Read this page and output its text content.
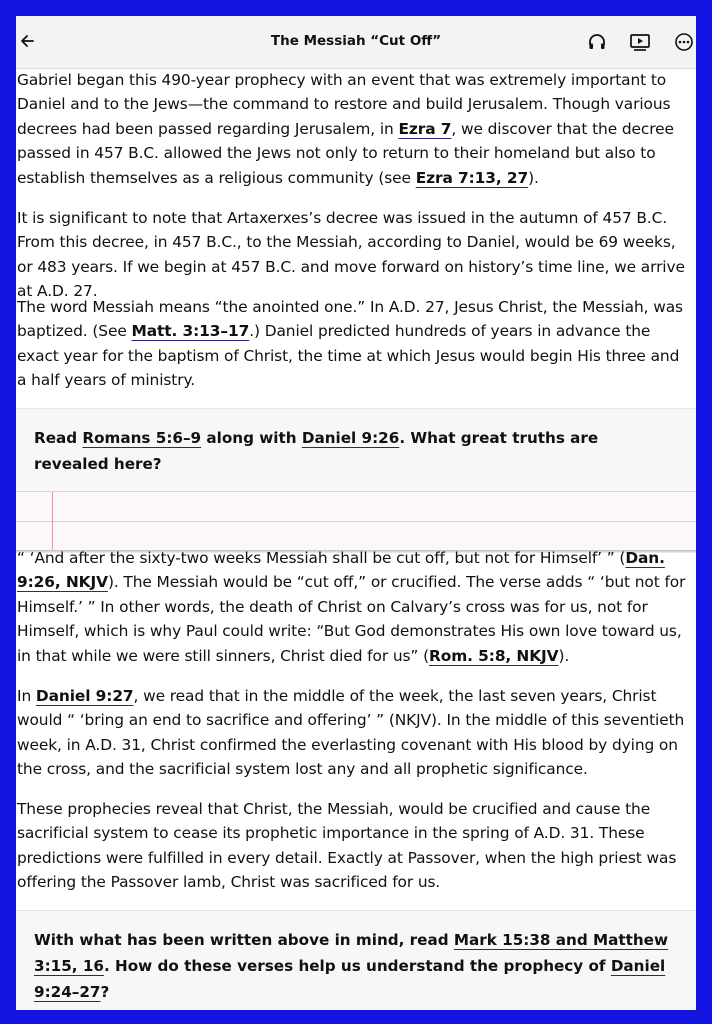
The Messiah “Cut Off”

Gabriel began this 490-year prophecy with an event that was extremely important to Daniel and to the Jews—the command to restore and build Jerusalem. Though various decrees had been passed regarding Jerusalem, in Ezra 7, we discover that the decree passed in 457 B.C. allowed the Jews not only to return to their homeland but also to establish themselves as a religious community (see Ezra 7:13, 27).

It is significant to note that Artaxerxes’s decree was issued in the autumn of 457 B.C. From this decree, in 457 B.C., to the Messiah, according to Daniel, would be 69 weeks, or 483 years. If we begin at 457 B.C. and move forward on history’s time line, we arrive at A.D. 27.

The word Messiah means “the anointed one.” In A.D. 27, Jesus Christ, the Messiah, was baptized. (See Matt. 3:13–17.) Daniel predicted hundreds of years in advance the exact year for the baptism of Christ, the time at which Jesus would begin His three and a half years of ministry.

Read Romans 5:6–9 along with Daniel 9:26. What great truths are revealed here?

“ ‘And after the sixty-two weeks Messiah shall be cut off, but not for Himself’ ” (Dan. 9:26, NKJV). The Messiah would be “cut off,” or crucified. The verse adds “ ‘but not for Himself.’ ” In other words, the death of Christ on Calvary’s cross was for us, not for Himself, which is why Paul could write: “But God demonstrates His own love toward us, in that while we were still sinners, Christ died for us” (Rom. 5:8, NKJV).

In Daniel 9:27, we read that in the middle of the week, the last seven years, Christ would “ ‘bring an end to sacrifice and offering’ ” (NKJV). In the middle of this seventieth week, in A.D. 31, Christ confirmed the everlasting covenant with His blood by dying on the cross, and the sacrificial system lost any and all prophetic significance.

These prophecies reveal that Christ, the Messiah, would be crucified and cause the sacrificial system to cease its prophetic importance in the spring of A.D. 31. These predictions were fulfilled in every detail. Exactly at Passover, when the high priest was offering the Passover lamb, Christ was sacrificed for us.

With what has been written above in mind, read Mark 15:38 and Matthew 3:15, 16. How do these verses help us understand the prophecy of Daniel 9:24–27?
